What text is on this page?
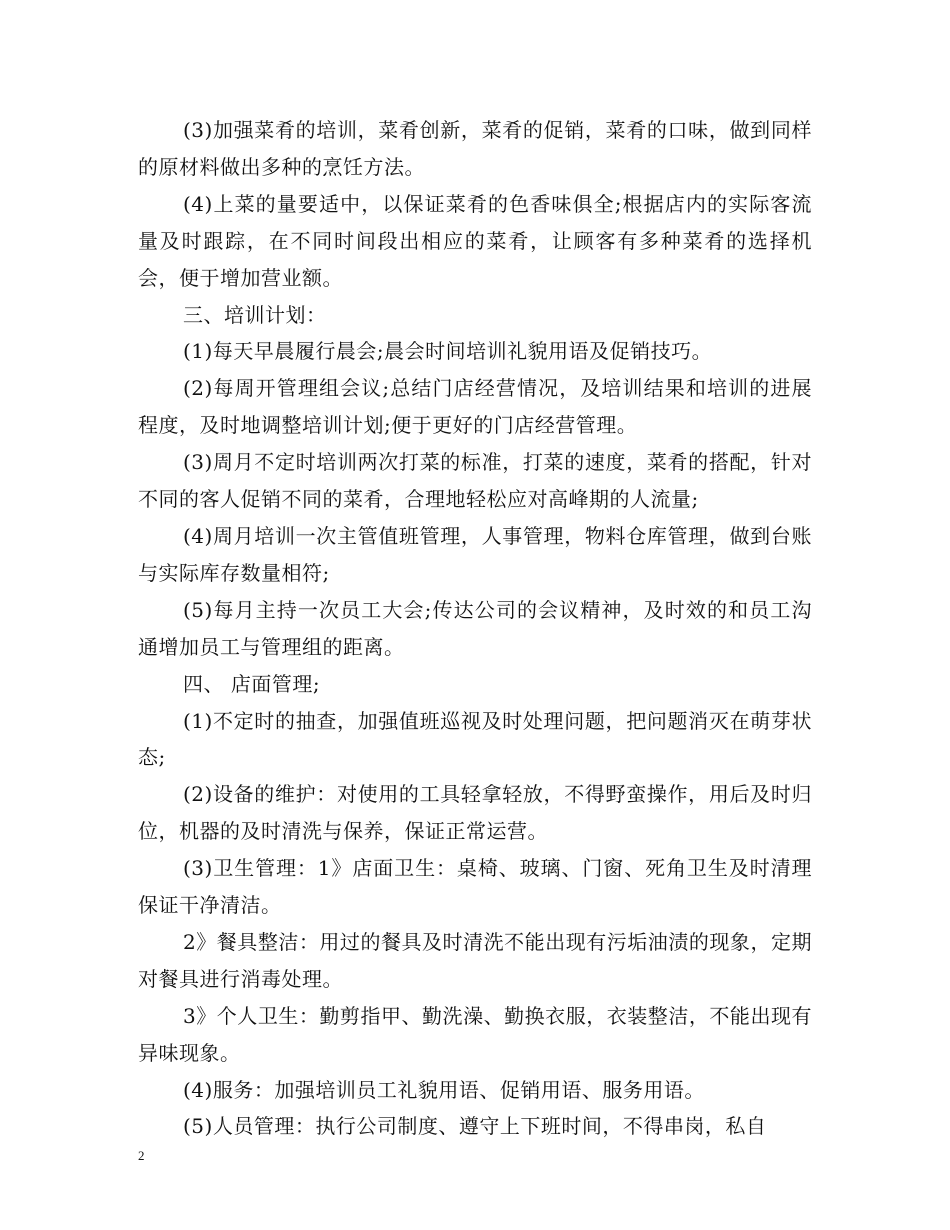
(3)加强菜肴的培训，菜肴创新，菜肴的促销，菜肴的口味，做到同样的原材料做出多种的烹饪方法。

(4)上菜的量要适中，以保证菜肴的色香味俱全;根据店内的实际客流量及时跟踪，在不同时间段出相应的菜肴，让顾客有多种菜肴的选择机会，便于增加营业额。

三、培训计划：

(1)每天早晨履行晨会;晨会时间培训礼貌用语及促销技巧。

(2)每周开管理组会议;总结门店经营情况，及培训结果和培训的进展程度，及时地调整培训计划;便于更好的门店经营管理。

(3)周月不定时培训两次打菜的标准，打菜的速度，菜肴的搭配，针对不同的客人促销不同的菜肴，合理地轻松应对高峰期的人流量;

(4)周月培训一次主管值班管理，人事管理，物料仓库管理，做到台账与实际库存数量相符;

(5)每月主持一次员工大会;传达公司的会议精神，及时效的和员工沟通增加员工与管理组的距离。

四、 店面管理;

(1)不定时的抽查，加强值班巡视及时处理问题，把问题消灭在萌芽状态;

(2)设备的维护：对使用的工具轻拿轻放，不得野蛮操作，用后及时归位，机器的及时清洗与保养，保证正常运营。

(3)卫生管理：1》店面卫生：桌椅、玻璃、门窗、死角卫生及时清理保证干净清洁。

2》餐具整洁：用过的餐具及时清洗不能出现有污垢油渍的现象，定期对餐具进行消毒处理。

3》个人卫生：勤剪指甲、勤洗澡、勤换衣服，衣装整洁，不能出现有异味现象。

(4)服务：加强培训员工礼貌用语、促销用语、服务用语。

(5)人员管理：执行公司制度、遵守上下班时间，不得串岗，私自

2
